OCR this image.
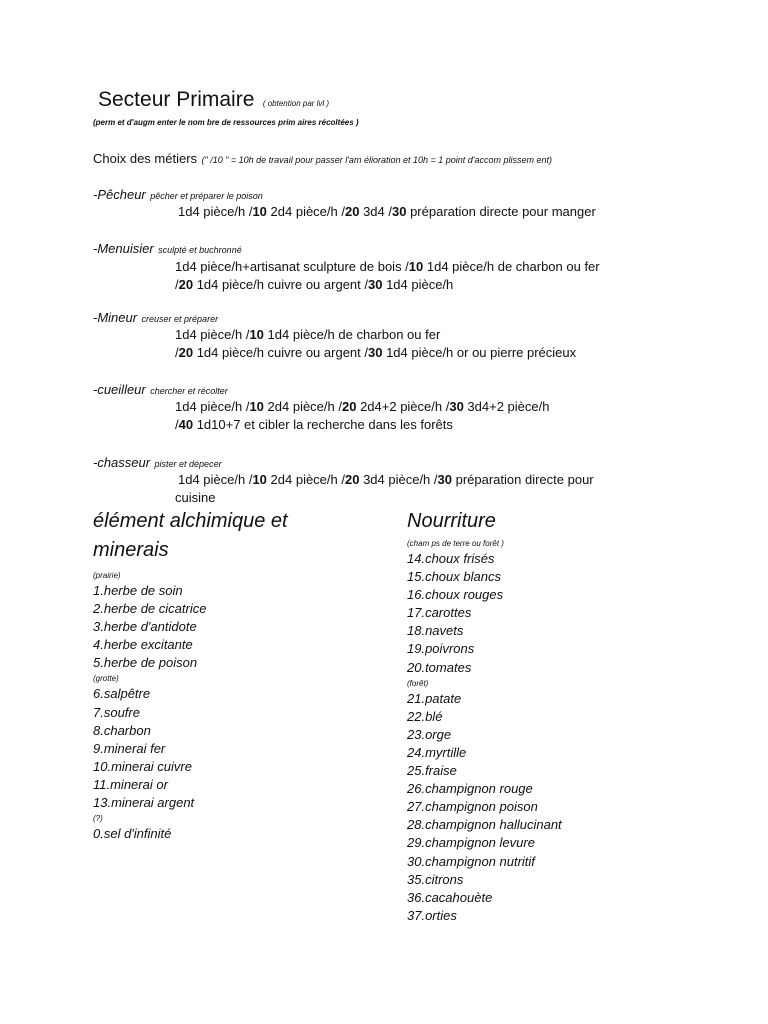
Secteur Primaire ( obtention par lvl )
(perm et d'augm enter le nom bre de ressources prim aires récoltées )
Choix des métiers (" /10 " = 10h de travail pour passer l'am élioration et 10h = 1 point d'accom plissem ent)
-Pêcheur pêcher et préparer le poison
1d4 pièce/h /10 2d4 pièce/h /20 3d4 /30 préparation directe pour manger
-Menuisier sculpté et buchronné
1d4 pièce/h+artisanat sculpture de bois /10 1d4 pièce/h de charbon ou fer
/20 1d4 pièce/h cuivre ou argent /30 1d4 pièce/h
-Mineur creuser et préparer
1d4 pièce/h /10 1d4 pièce/h de charbon ou fer
/20 1d4 pièce/h cuivre ou argent /30 1d4 pièce/h or ou pierre précieux
-cueilleur chercher et récolter
1d4 pièce/h /10 2d4 pièce/h /20 2d4+2 pièce/h /30 3d4+2 pièce/h
/40 1d10+7 et cibler la recherche dans les forêts
-chasseur pister et dépecer
1d4 pièce/h /10 2d4 pièce/h /20 3d4 pièce/h /30 préparation directe pour
cuisine
élément alchimique et
minerais
(prairie)
1.herbe de soin
2.herbe de cicatrice
3.herbe d'antidote
4.herbe excitante
5.herbe de poison
(grotte)
6.salpêtre
7.soufre
8.charbon
9.minerai fer
10.minerai cuivre
11.minerai or
13.minerai argent
(?)
0.sel d'infinité
Nourriture
(cham ps de terre ou forêt )
14.choux frisés
15.choux blancs
16.choux rouges
17.carottes
18.navets
19.poivrons
20.tomates
(forêt)
21.patate
22.blé
23.orge
24.myrtille
25.fraise
26.champignon rouge
27.champignon poison
28.champignon hallucinant
29.champignon levure
30.champignon nutritif
35.citrons
36.cacahouète
37.orties
